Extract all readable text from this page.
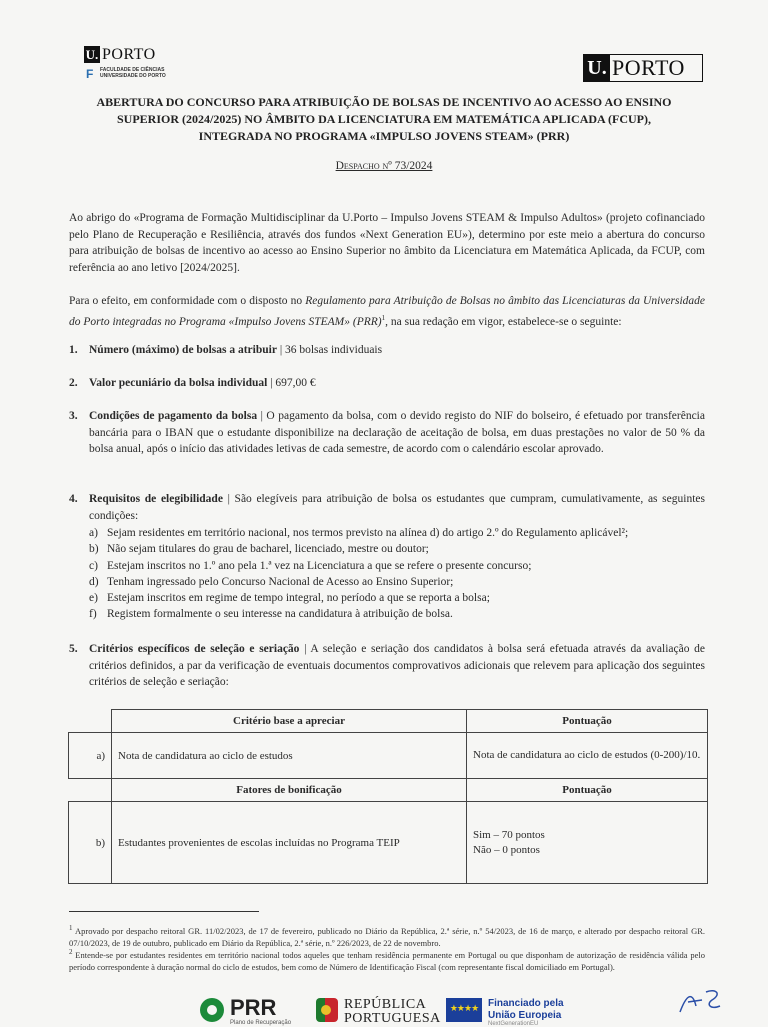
U. PORTO
F FACULDADE DE CIÊNCIAS UNIVERSIDADE DO PORTO	U. PORTO
ABERTURA DO CONCURSO PARA ATRIBUIÇÃO DE BOLSAS DE INCENTIVO AO ACESSO AO ENSINO
SUPERIOR (2024/2025) NO ÂMBITO DA LICENCIATURA EM MATEMÁTICA APLICADA (FCUP),
INTEGRADA NO PROGRAMA «IMPULSO JOVENS STEAM» (PRR)
Despacho nº 73/2024
Ao abrigo do «Programa de Formação Multidisciplinar da U.Porto – Impulso Jovens STEAM & Impulso Adultos» (projeto cofinanciado pelo Plano de Recuperação e Resiliência, através dos fundos «Next Generation EU»), determino por este meio a abertura do concurso para atribuição de bolsas de incentivo ao acesso ao Ensino Superior no âmbito da Licenciatura em Matemática Aplicada, da FCUP, com referência ao ano letivo [2024/2025].
Para o efeito, em conformidade com o disposto no Regulamento para Atribuição de Bolsas no âmbito das Licenciaturas da Universidade do Porto integradas no Programa «Impulso Jovens STEAM» (PRR)$^1$, na sua redação em vigor, estabelece-se o seguinte:
1. Número (máximo) de bolsas a atribuir | 36 bolsas individuais
2. Valor pecuniário da bolsa individual | 697,00 €
3. Condições de pagamento da bolsa | O pagamento da bolsa, com o devido registo do NIF do bolseiro, é efetuado por transferência bancária para o IBAN que o estudante disponibilize na declaração de aceitação de bolsa, em duas prestações no valor de 50 % da bolsa anual, após o início das atividades letivas de cada semestre, de acordo com o calendário escolar aprovado.
4. Requisitos de elegibilidade | São elegíveis para atribuição de bolsa os estudantes que cumpram, cumulativamente, as seguintes condições:
a) Sejam residentes em território nacional, nos termos previsto na alínea d) do artigo 2.º do Regulamento aplicável²;
b) Não sejam titulares do grau de bacharel, licenciado, mestre ou doutor;
c) Estejam inscritos no 1.º ano pela 1.ª vez na Licenciatura a que se refere o presente concurso;
d) Tenham ingressado pelo Concurso Nacional de Acesso ao Ensino Superior;
e) Estejam inscritos em regime de tempo integral, no período a que se reporta a bolsa;
f) Registem formalmente o seu interesse na candidatura à atribuição de bolsa.
5. Critérios específicos de seleção e seriação | A seleção e seriação dos candidatos à bolsa será efetuada através da avaliação de critérios definidos, a par da verificação de eventuais documentos comprovativos adicionais que relevem para aplicação dos seguintes critérios de seleção e seriação:
	Critério base a apreciar	Pontuação
a)	Nota de candidatura ao ciclo de estudos	Nota de candidatura ao ciclo de estudos (0-200)/10.
	Fatores de bonificação	Pontuação
b)	Estudantes provenientes de escolas incluídas no Programa TEIP	Sim – 70 pontos
Não – 0 pontos
$^1$ Aprovado por despacho reitoral GR. 11/02/2023, de 17 de fevereiro, publicado no Diário da República, 2.ª série, n.º 54/2023, de 16 de março, e alterado por despacho reitoral GR. 07/10/2023, de 19 de outubro, publicado em Diário da República, 2.ª série, n.º 226/2023, de 22 de novembro.
$^2$ Entende-se por estudantes residentes em território nacional todos aqueles que tenham residência permanente em Portugal ou que disponham de autorização de residência válida pelo período correspondente à duração normal do ciclo de estudos, bem como de Número de Identificação Fiscal (com representante fiscal domiciliado em Portugal).
PRR
Plano de Recuperação
REPÚBLICA
PORTUGUESA
★★★★ Financiado pela
União Europeia
NextGenerationEU
